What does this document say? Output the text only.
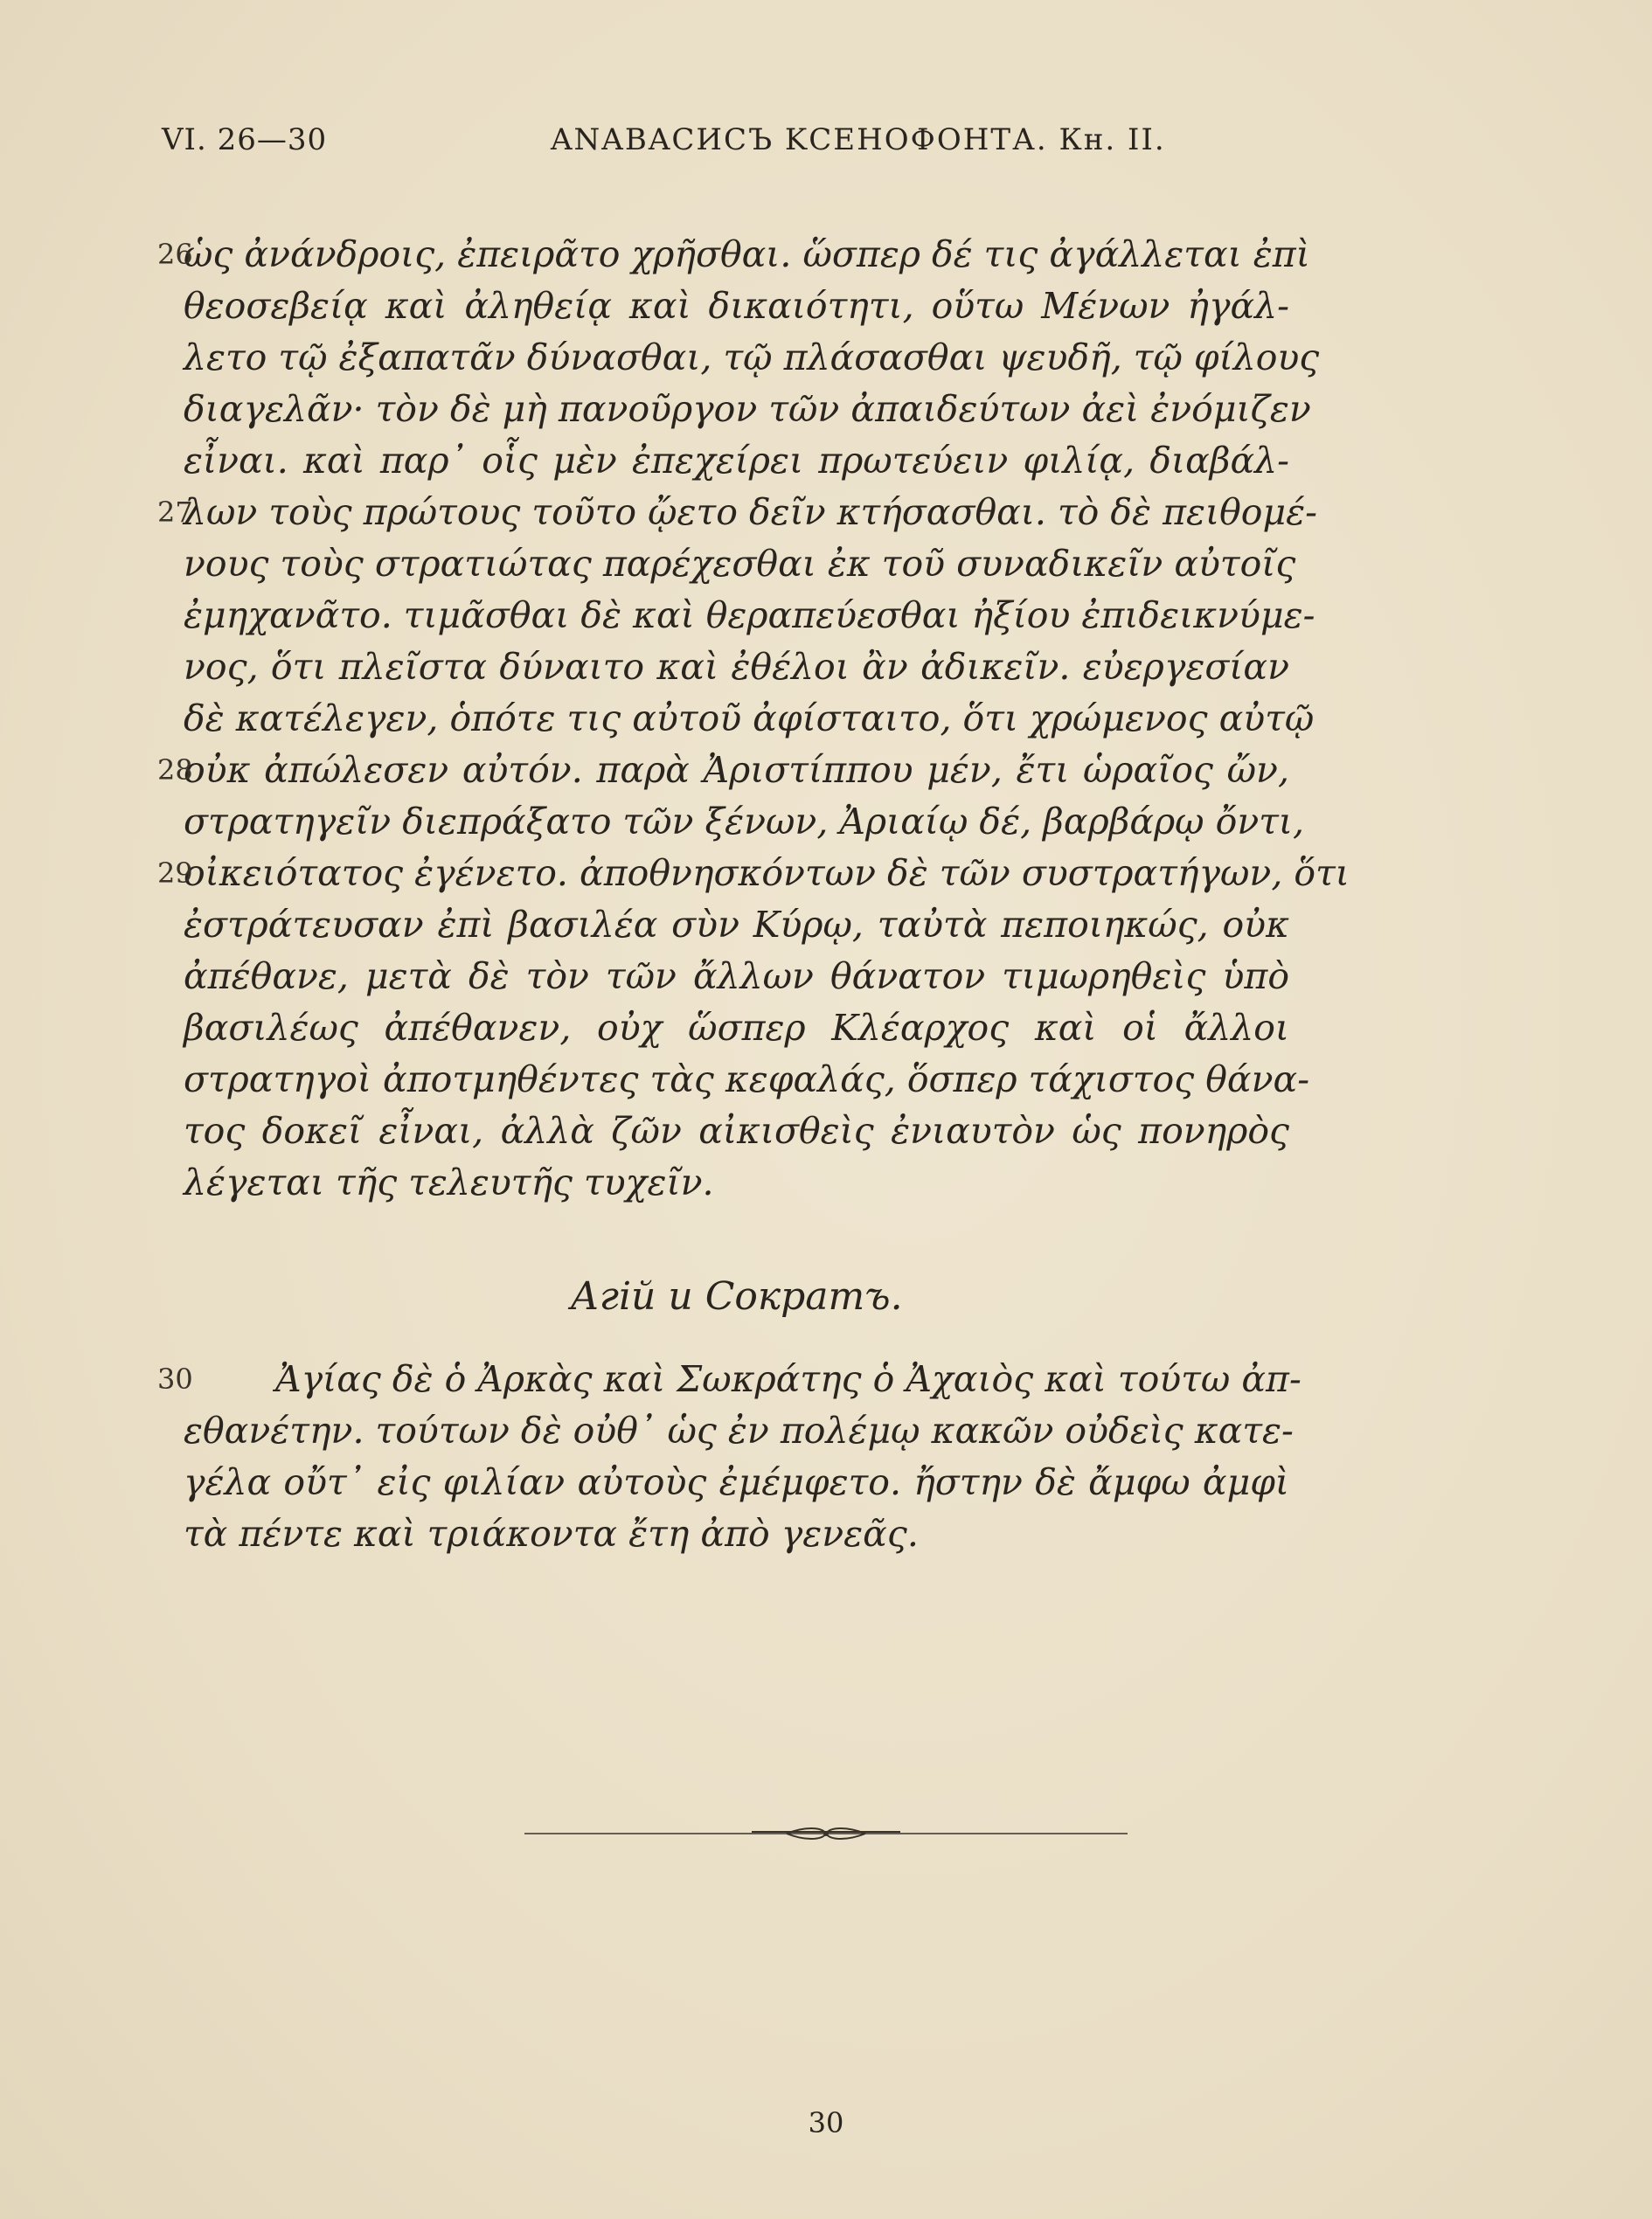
VI. 26—30	ΑΝΑΒΑСИСЪ ΚСЕНОФОНТА. Кн. II.
26
ὡς ἀνάνδροις, ἐπειρᾶτο χρῆσθαι. ὥσπερ δέ τις ἀγάλλεται ἐπὶ
θεοσεβείᾳ καὶ ἀληθείᾳ καὶ δικαιότητι, οὕτω Μένων ἠγάλ-
λετο τῷ ἐξαπατᾶν δύνασθαι, τῷ πλάσασθαι ψευδῆ, τῷ φίλους
διαγελᾶν· τὸν δὲ μὴ πανοῦργον τῶν ἀπαιδεύτων ἀεὶ ἐνόμιζεν
εἶναι. καὶ παρ᾽ οἷς μὲν ἐπεχείρει πρωτεύειν φιλίᾳ, διαβάλ-
27
λων τοὺς πρώτους τοῦτο ᾤετο δεῖν κτήσασθαι. τὸ δὲ πειθομέ-
νους τοὺς στρατιώτας παρέχεσθαι ἐκ τοῦ συναδικεῖν αὐτοῖς
ἐμηχανᾶτο. τιμᾶσθαι δὲ καὶ θεραπεύεσθαι ἠξίου ἐπιδεικνύμε-
νος, ὅτι πλεῖστα δύναιτο καὶ ἐθέλοι ἂν ἀδικεῖν. εὐεργεσίαν
δὲ κατέλεγεν, ὁπότε τις αὐτοῦ ἀφίσταιτο, ὅτι χρώμενος αὐτῷ
28
οὐκ ἀπώλεσεν αὐτόν. παρὰ Ἀριστίππου μέν, ἔτι ὡραῖος ὤν,
στρατηγεῖν διεπράξατο τῶν ξένων, Ἀριαίῳ δέ, βαρβάρῳ ὄντι,
29
οἰκειότατος ἐγένετο. ἀποθνησκόντων δὲ τῶν συστρατήγων, ὅτι
ἐστράτευσαν ἐπὶ βασιλέα σὺν Κύρῳ, ταὐτὰ πεποιηκώς, οὐκ
ἀπέθανε, μετὰ δὲ τὸν τῶν ἄλλων θάνατον τιμωρηθεὶς ὑπὸ
βασιλέως ἀπέθανεν, οὐχ ὥσπερ Κλέαρχος καὶ οἱ ἄλλοι
στρατηγοὶ ἀποτμηθέντες τὰς κεφαλάς, ὅσπερ τάχιστος θάνα-
τος δοκεῖ εἶναι, ἀλλὰ ζῶν αἰκισθεὶς ἐνιαυτὸν ὡς πονηρὸς
λέγεται τῆς τελευτῆς τυχεῖν.
Агій и Сократъ.
30 Ἀγίας δὲ ὁ Ἀρκὰς καὶ Σωκράτης ὁ Ἀχαιὸς καὶ τούτω ἀπ-
εθανέτην. τούτων δὲ οὐθ᾽ ὡς ἐν πολέμῳ κακῶν οὐδεὶς κατε-
γέλα οὔτ᾽ εἰς φιλίαν αὐτοὺς ἐμέμφετο. ἤστην δὲ ἄμφω ἀμφὶ
τὰ πέντε καὶ τριάκοντα ἔτη ἀπὸ γενεᾶς.
30
